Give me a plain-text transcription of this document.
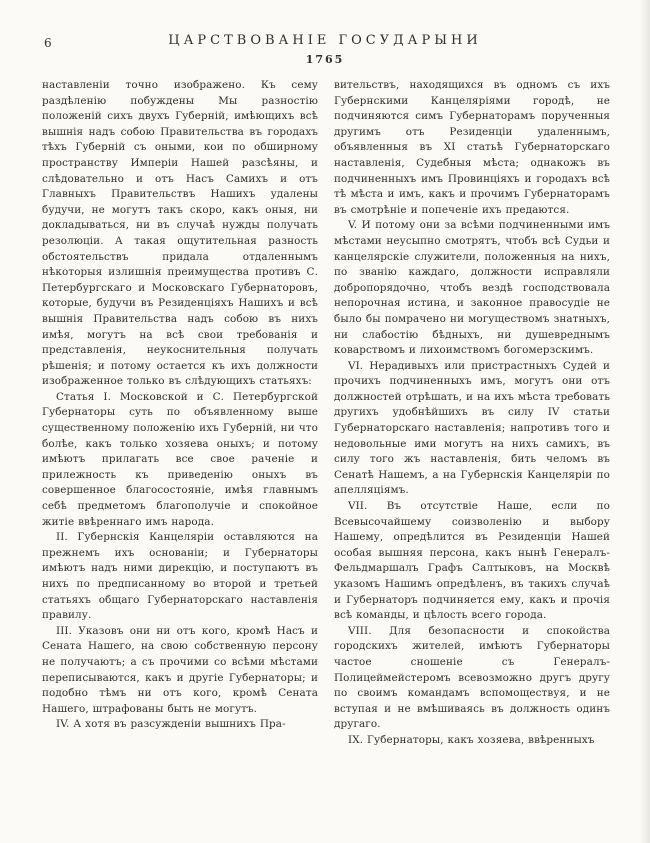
6	ЦАРСТВОВАНІЕ ГОСУДАРЫНИ
1765

наставленіи точно изображено. Къ сему раздѣленію побуждены Мы разностію положеній сихъ двухъ Губерній, имѣющихъ всѣ вышнія надъ собою Правительства въ городахъ тѣхъ Губерній съ оными, кои по обширному пространству Имперіи Нашей разсѣяны, и слѣдовательно и отъ Насъ Самихъ и отъ Главныхъ Правительствъ Нашихъ удалены будучи, не могутъ такъ скоро, какъ оныя, ни докладываться, ни въ случаѣ нужды получать резолюціи. А такая ощутительная разность обстоятельствъ придала отдаленнымъ нѣкоторыя излишнія преимущества противъ С. Петербургскаго и Московскаго Губернаторовъ, которые, будучи въ Резиденціяхъ Нашихъ и всѣ вышнія Правительства надъ собою въ нихъ имѣя, могутъ на всѣ свои требованія и представленія, неукоснительныя получать рѣшенія; и потому остается къ ихъ должности изображенное только въ слѣдующихъ статьяхъ:

Статья I. Московской и С. Петербургской Губернаторы суть по объявленному выше существенному положенію ихъ Губерній, ни что болѣе, какъ только хозяева оныхъ; и потому имѣютъ прилагать все свое раченіе и прилежность къ приведенію оныхъ въ совершенное благосостояніе, имѣя главнымъ себѣ предметомъ благополучіе и спокойное житіе ввѣреннаго имъ народа.

II. Губернскія Канцеляріи оставляются на прежнемъ ихъ основаніи; и Губернаторы имѣютъ надъ ними дирекцію, и поступаютъ въ нихъ по предписанному во второй и третьей статьяхъ общаго Губернаторскаго наставленія правилу.

III. Указовъ они ни отъ кого, кромѣ Насъ и Сената Нашего, на свою собственную персону не получаютъ; а съ прочими со всѣми мѣстами переписываются, какъ и другіе Губернаторы; и подобно тѣмъ ни отъ кого, кромѣ Сената Нашего, штрафованы быть не могутъ.

IV. А хотя въ разсужденіи вышнихъ Пра-

вительствъ, находящихся въ одномъ съ ихъ Губернскими Канцеляріями городѣ, не подчиняются симъ Губернаторамъ порученныя другимъ отъ Резиденціи удаленнымъ, объявленныя въ XI статьѣ Губернаторскаго наставленія, Судебныя мѣста; однакожъ въ подчиненныхъ имъ Провинціяхъ и городахъ всѣ тѣ мѣста и имъ, какъ и прочимъ Губернаторамъ въ смотрѣніе и попеченіе ихъ предаются.

V. И потому они за всѣми подчиненными имъ мѣстами неусыпно смотрятъ, чтобъ всѣ Судьи и канцелярскіе служители, положенныя на нихъ, по званію каждаго, должности исправляли добропорядочно, чтобъ вездѣ господствовала непорочная истина, и законное правосудіе не было бы помрачено ни могуществомъ знатныхъ, ни слабостію бѣдныхъ, ни душевреднымъ коварствомъ и лихоимствомъ богомерзскимъ.

VI. Нерадивыхъ или пристрастныхъ Судей и прочихъ подчиненныхъ имъ, могутъ они отъ должностей отрѣшать, и на ихъ мѣста требовать другихъ удобнѣйшихъ въ силу IV статьи Губернаторскаго наставленія; напротивъ того и недовольные ими могутъ на нихъ самихъ, въ силу того жъ наставленія, бить челомъ въ Сенатѣ Нашемъ, а на Губернскія Канцеляріи по апелляціямъ.

VII. Въ отсутствіе Наше, если по Всевысочайшему соизволенію и выбору Нашему, опредѣлится въ Резиденціи Нашей особая вышняя персона, какъ нынѣ Генералъ-Фельдмаршалъ Графъ Салтыковъ, на Москвѣ указомъ Нашимъ опредѣленъ, въ такихъ случаѣ и Губернаторъ подчиняется ему, какъ и прочія всѣ команды, и цѣлость всего города.

VIII. Для безопасности и спокойства городскихъ жителей, имѣютъ Губернаторы частое сношеніе съ Генералъ-Полицеймейстеромъ всевозможно другъ другу по своимъ командамъ вспомоществуя, и не вступая и не вмѣшиваясь въ должность одинъ другаго.

IX. Губернаторы, какъ хозяева, ввѣренныхъ
